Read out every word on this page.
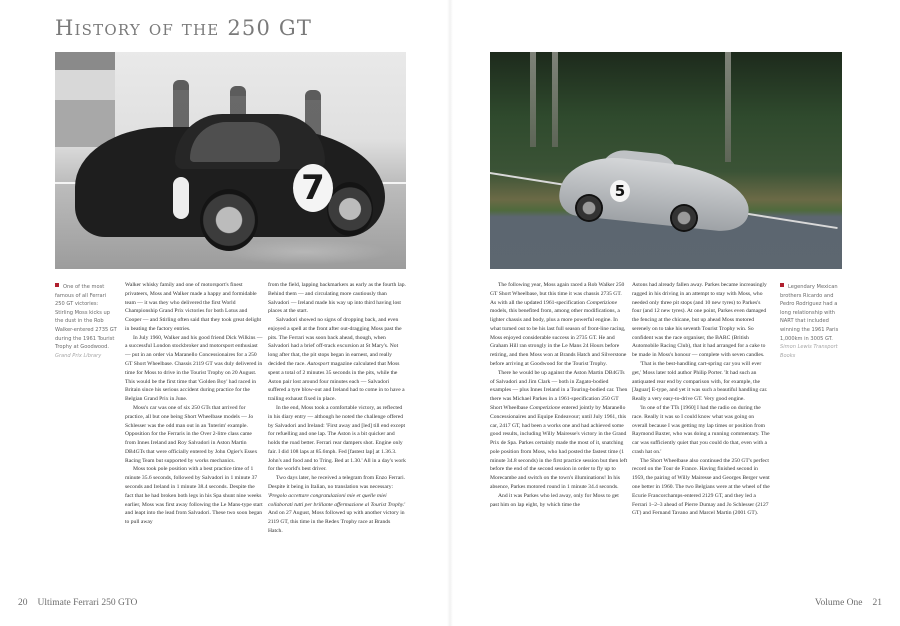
History of the 250 GT
7	5
One of the most famous of all Ferrari 250 GT victories: Stirling Moss kicks up the dust in the Rob Walker-entered 2735 GT during the 1961 Tourist Trophy at Goodwood.
Grand Prix Library
Legendary Mexican brothers Ricardo and Pedro Rodriguez had a long relationship with NART that included winning the 1961 Paris 1,000km in 3005 GT.
Simon Lewis Transport Books

Walker whisky family and one of motorsport's finest privateers, Moss and Walker made a happy and formidable team — it was they who delivered the first World Championship Grand Prix victories for both Lotus and Cooper — and Stirling often said that they took great delight in beating the factory entries.

In July 1960, Walker and his good friend Dick Wilkins — a successful London stockbroker and motorsport enthusiast — put in an order via Maranello Concessionaires for a 250 GT Short Wheelbase. Chassis 2119 GT was duly delivered in time for Moss to drive in the Tourist Trophy on 20 August. This would be the first time that 'Golden Boy' had raced in Britain since his serious accident during practice for the Belgian Grand Prix in June.

Moss's car was one of six 250 GTs that arrived for practice, all but one being Short Wheelbase models — Jo Schlesser was the odd man out in an 'Interim' example. Opposition for the Ferraris in the Over 2-litre class came from Innes Ireland and Roy Salvadori in Aston Martin DB4GTs that were officially entered by John Ogier's Essex Racing Team but supported by works mechanics.

Moss took pole position with a best practice time of 1 minute 35.6 seconds, followed by Salvadori in 1 minute 37 seconds and Ireland in 1 minute 38.4 seconds. Despite the fact that he had broken both legs in his Spa shunt nine weeks earlier, Moss was first away following the Le Mans-type start and leapt into the lead from Salvadori. These two soon began to pull away

from the field, lapping backmarkers as early as the fourth lap. Behind them — and circulating more cautiously than Salvadori — Ireland made his way up into third having lost places at the start.

Salvadori showed no signs of dropping back, and even enjoyed a spell at the front after out-dragging Moss past the pits. The Ferrari was soon back ahead, though, when Salvadori had a brief off-track excursion at St Mary's. Not long after that, the pit stops began in earnest, and really decided the race. Autosport magazine calculated that Moss spent a total of 2 minutes 35 seconds in the pits, while the Aston pair lost around four minutes each — Salvadori suffered a tyre blow-out and Ireland had to come in to have a trailing exhaust fixed in place.

In the end, Moss took a comfortable victory, as reflected in his diary entry — although he noted the challenge offered by Salvadori and Ireland: 'First away and [led] till end except for refuelling and one lap. The Aston is a bit quicker and holds the road better. Ferrari rear dampers shot. Engine only fair. I did 108 laps at 85.6mph. Fed [fastest lap] at 1.36.3. John's and food and to Tring. Bed at 1.30.' All in a day's work for the world's best driver.

Two days later, he received a telegram from Enzo Ferrari. Despite it being in Italian, no translation was necessary: 'Pregolo accettare congratulazioni mie et quelle miei collaborati tutti per brillante affermazione al Tourist Trophy.' And on 27 August, Moss followed up with another victory in 2119 GT, this time in the Redex Trophy race at Brands Hatch.

The following year, Moss again raced a Rob Walker 250 GT Short Wheelbase, but this time it was chassis 2735 GT. As with all the updated 1961-specification Competizione models, this benefited from, among other modifications, a lighter chassis and body, plus a more powerful engine. In what turned out to be his last full season of front-line racing, Moss enjoyed considerable success in 2735 GT. He and Graham Hill ran strongly in the Le Mans 24 Hours before retiring, and then Moss won at Brands Hatch and Silverstone before arriving at Goodwood for the Tourist Trophy.

There he would be up against the Aston Martin DB4GTs of Salvadori and Jim Clark — both in Zagato-bodied examples — plus Innes Ireland in a Touring-bodied car. Then there was Michael Parkes in a 1961-specification 250 GT Short Wheelbase Competizione entered jointly by Maranello Concessionaires and Equipe Endeavour; until July 1961, this car, 2417 GT, had been a works one and had achieved some good results, including Willy Mairesse's victory in the Grand Prix de Spa. Parkes certainly made the most of it, snatching pole position from Moss, who had posted the fastest time (1 minute 34.8 seconds) in the first practice session but then left before the end of the second session in order to fly up to Morecambe and switch on the town's illuminations! In his absence, Parkes motored round in 1 minute 34.4 seconds.

And it was Parkes who led away, only for Moss to get past him on lap eight, by which time the

Astons had already fallen away. Parkes became increasingly ragged in his driving in an attempt to stay with Moss, who needed only three pit stops (and 10 new tyres) to Parkes's four (and 12 new tyres). At one point, Parkes even damaged the fencing at the chicane, but up ahead Moss motored serenely on to take his seventh Tourist Trophy win. So confident was the race organiser, the BARC (British Automobile Racing Club), that it had arranged for a cake to be made in Moss's honour — complete with seven candles.

'That is the best-handling cart-spring car you will ever get,' Moss later told author Philip Porter. 'It had such an antiquated rear end by comparison with, for example, the [Jaguar] E-type, and yet it was such a beautiful handling car. Really a very easy-to-drive GT. Very good engine.

'In one of the TTs [1960] I had the radio on during the race. Really it was so I could know what was going on overall because I was getting my lap times or position from Raymond Baxter, who was doing a running commentary. The car was sufficiently quiet that you could do that, even with a crash hat on.'

The Short Wheelbase also continued the 250 GT's perfect record on the Tour de France. Having finished second in 1959, the pairing of Willy Mairesse and Georges Berger went one better in 1960. The two Belgians were at the wheel of the Ecurie Francorchamps-entered 2129 GT, and they led a Ferrari 1–2–3 ahead of Pierre Dumay and Jo Schlesser (2127 GT) and Fernand Tavano and Marcel Martin (2001 GT).

20 Ultimate Ferrari 250 GTO	Volume One 21
